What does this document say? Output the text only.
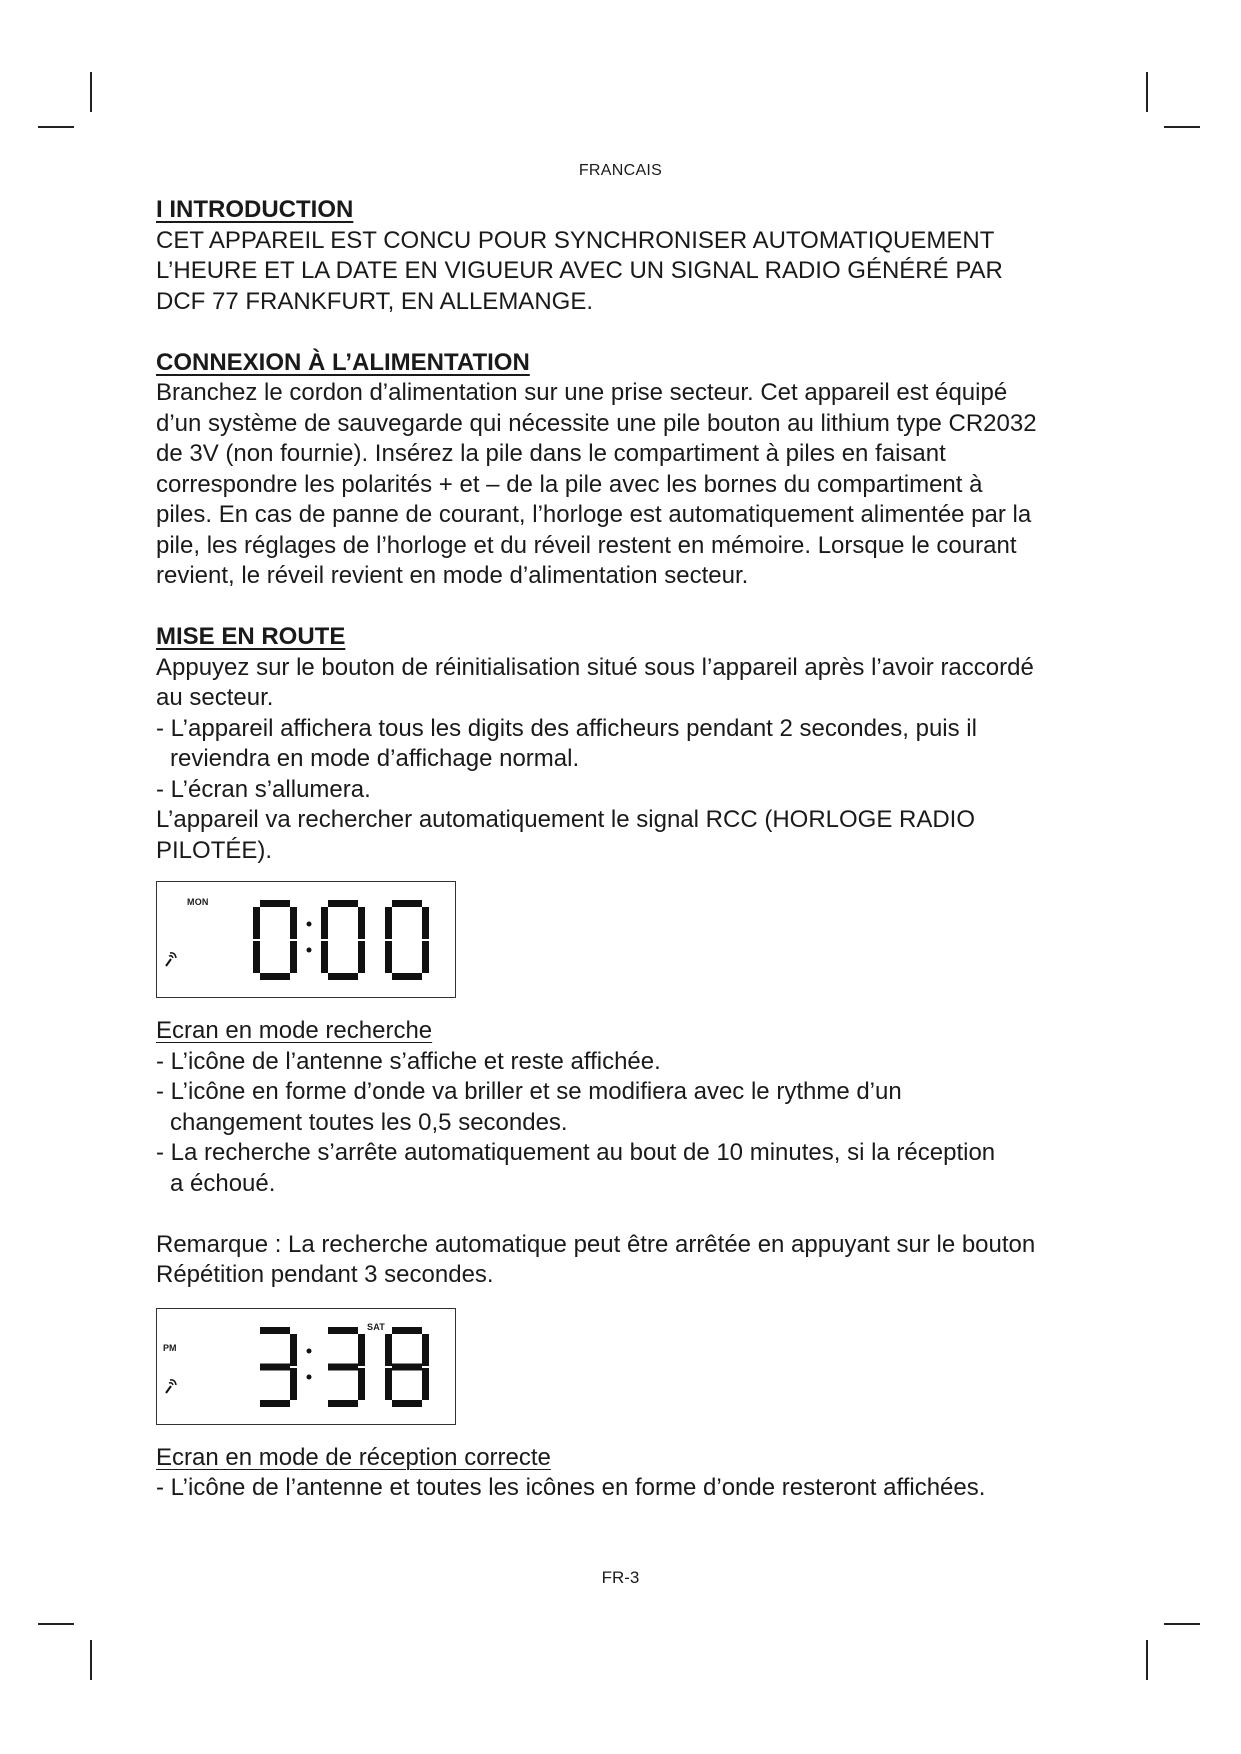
FRANCAIS

I INTRODUCTION

CET APPAREIL EST CONCU POUR SYNCHRONISER AUTOMATIQUEMENT

L’HEURE ET LA DATE EN VIGUEUR AVEC UN SIGNAL RADIO GÉNÉRÉ PAR

DCF 77 FRANKFURT, EN ALLEMANGE.

CONNEXION À L’ALIMENTATION

Branchez le cordon d’alimentation sur une prise secteur. Cet appareil est équipé

d’un système de sauvegarde qui nécessite une pile bouton au lithium type CR2032

de 3V (non fournie). Insérez la pile dans le compartiment à piles en faisant

correspondre les polarités + et – de la pile avec les bornes du compartiment à

piles. En cas de panne de courant, l’horloge est automatiquement alimentée par la

pile, les réglages de l’horloge et du réveil restent en mémoire. Lorsque le courant

revient, le réveil revient en mode d’alimentation secteur.

MISE EN ROUTE

Appuyez sur le bouton de réinitialisation situé sous l’appareil après l’avoir raccordé

au secteur.

- L’appareil affichera tous les digits des afficheurs pendant 2 secondes, puis il

reviendra en mode d’affichage normal.

- L’écran s’allumera.

L’appareil va rechercher automatiquement le signal RCC (HORLOGE RADIO

PILOTÉE).

MON

Ecran en mode recherche

- L’icône de l’antenne s’affiche et reste affichée.

- L’icône en forme d’onde va briller et se modifiera avec le rythme d’un

changement toutes les 0,5 secondes.

- La recherche s’arrête automatiquement au bout de 10 minutes, si la réception

a échoué.

Remarque : La recherche automatique peut être arrêtée en appuyant sur le bouton

Répétition pendant 3 secondes.

SAT
PM

Ecran en mode de réception correcte

- L’icône de l’antenne et toutes les icônes en forme d’onde resteront affichées.

FR-3
